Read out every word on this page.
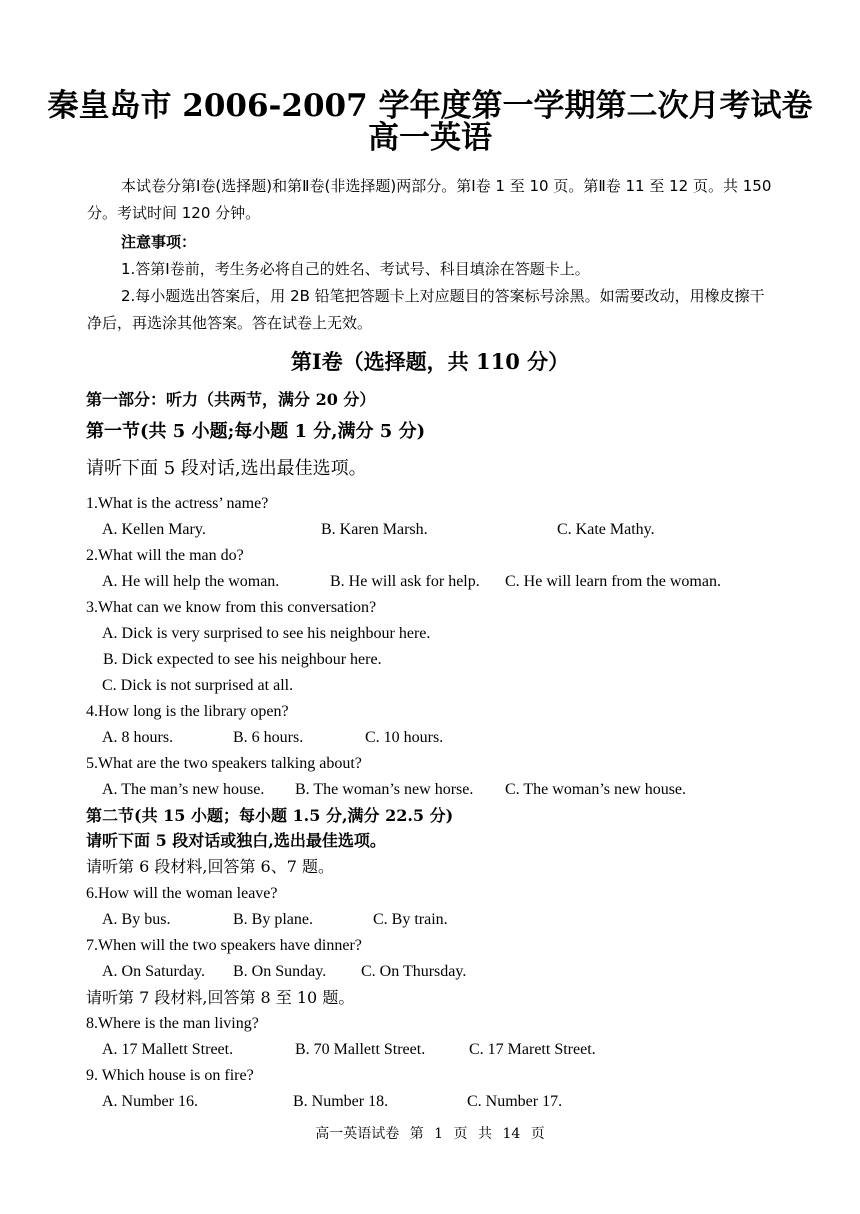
秦皇岛市 2006-2007 学年度第一学期第二次月考试卷
高一英语
本试卷分第Ⅰ卷(选择题)和第Ⅱ卷(非选择题)两部分。第Ⅰ卷 1 至 10 页。第Ⅱ卷 11 至 12 页。共 150 分。考试时间 120 分钟。
注意事项：
1.答第Ⅰ卷前，考生务必将自己的姓名、考试号、科目填涂在答题卡上。
2.每小题选出答案后，用 2B 铅笔把答题卡上对应题目的答案标号涂黑。如需要改动，用橡皮擦干净后，再选涂其他答案。答在试卷上无效。
第Ⅰ卷（选择题，共 110 分）
第一部分：听力（共两节，满分 20 分）
第一节(共 5 小题;每小题 1 分,满分 5 分)
请听下面 5 段对话,选出最佳选项。
1.What is the actress’ name?
A. Kellen Mary.	B. Karen Marsh.	C. Kate Mathy.
2.What will the man do?
A. He will help the woman.	B. He will ask for help. C. He will learn from the woman.
3.What can we know from this conversation?
A. Dick is very surprised to see his neighbour here.
B. Dick expected to see his neighbour here.
C. Dick is not surprised at all.
4.How long is the library open?
A. 8 hours.	B. 6 hours.	C. 10 hours.
5.What are the two speakers talking about?
A. The man’s new house. B. The woman’s new horse. C. The woman’s new house.
第二节(共 15 小题；每小题 1.5 分,满分 22.5 分)
请听下面 5 段对话或独白,选出最佳选项。
请听第 6 段材料,回答第 6、7 题。
6.How will the woman leave?
A. By bus.	B. By plane.	C. By train.
7.When will the two speakers have dinner?
A. On Saturday. B. On Sunday. C. On Thursday.
请听第 7 段材料,回答第 8 至 10 题。
8.Where is the man living?
A. 17 Mallett Street.	B. 70 Mallett Street.	C. 17 Marett Street.
9. Which house is on fire?
A. Number 16.	B. Number 18.	C. Number 17.
高一英语试卷 第 1 页 共 14 页
